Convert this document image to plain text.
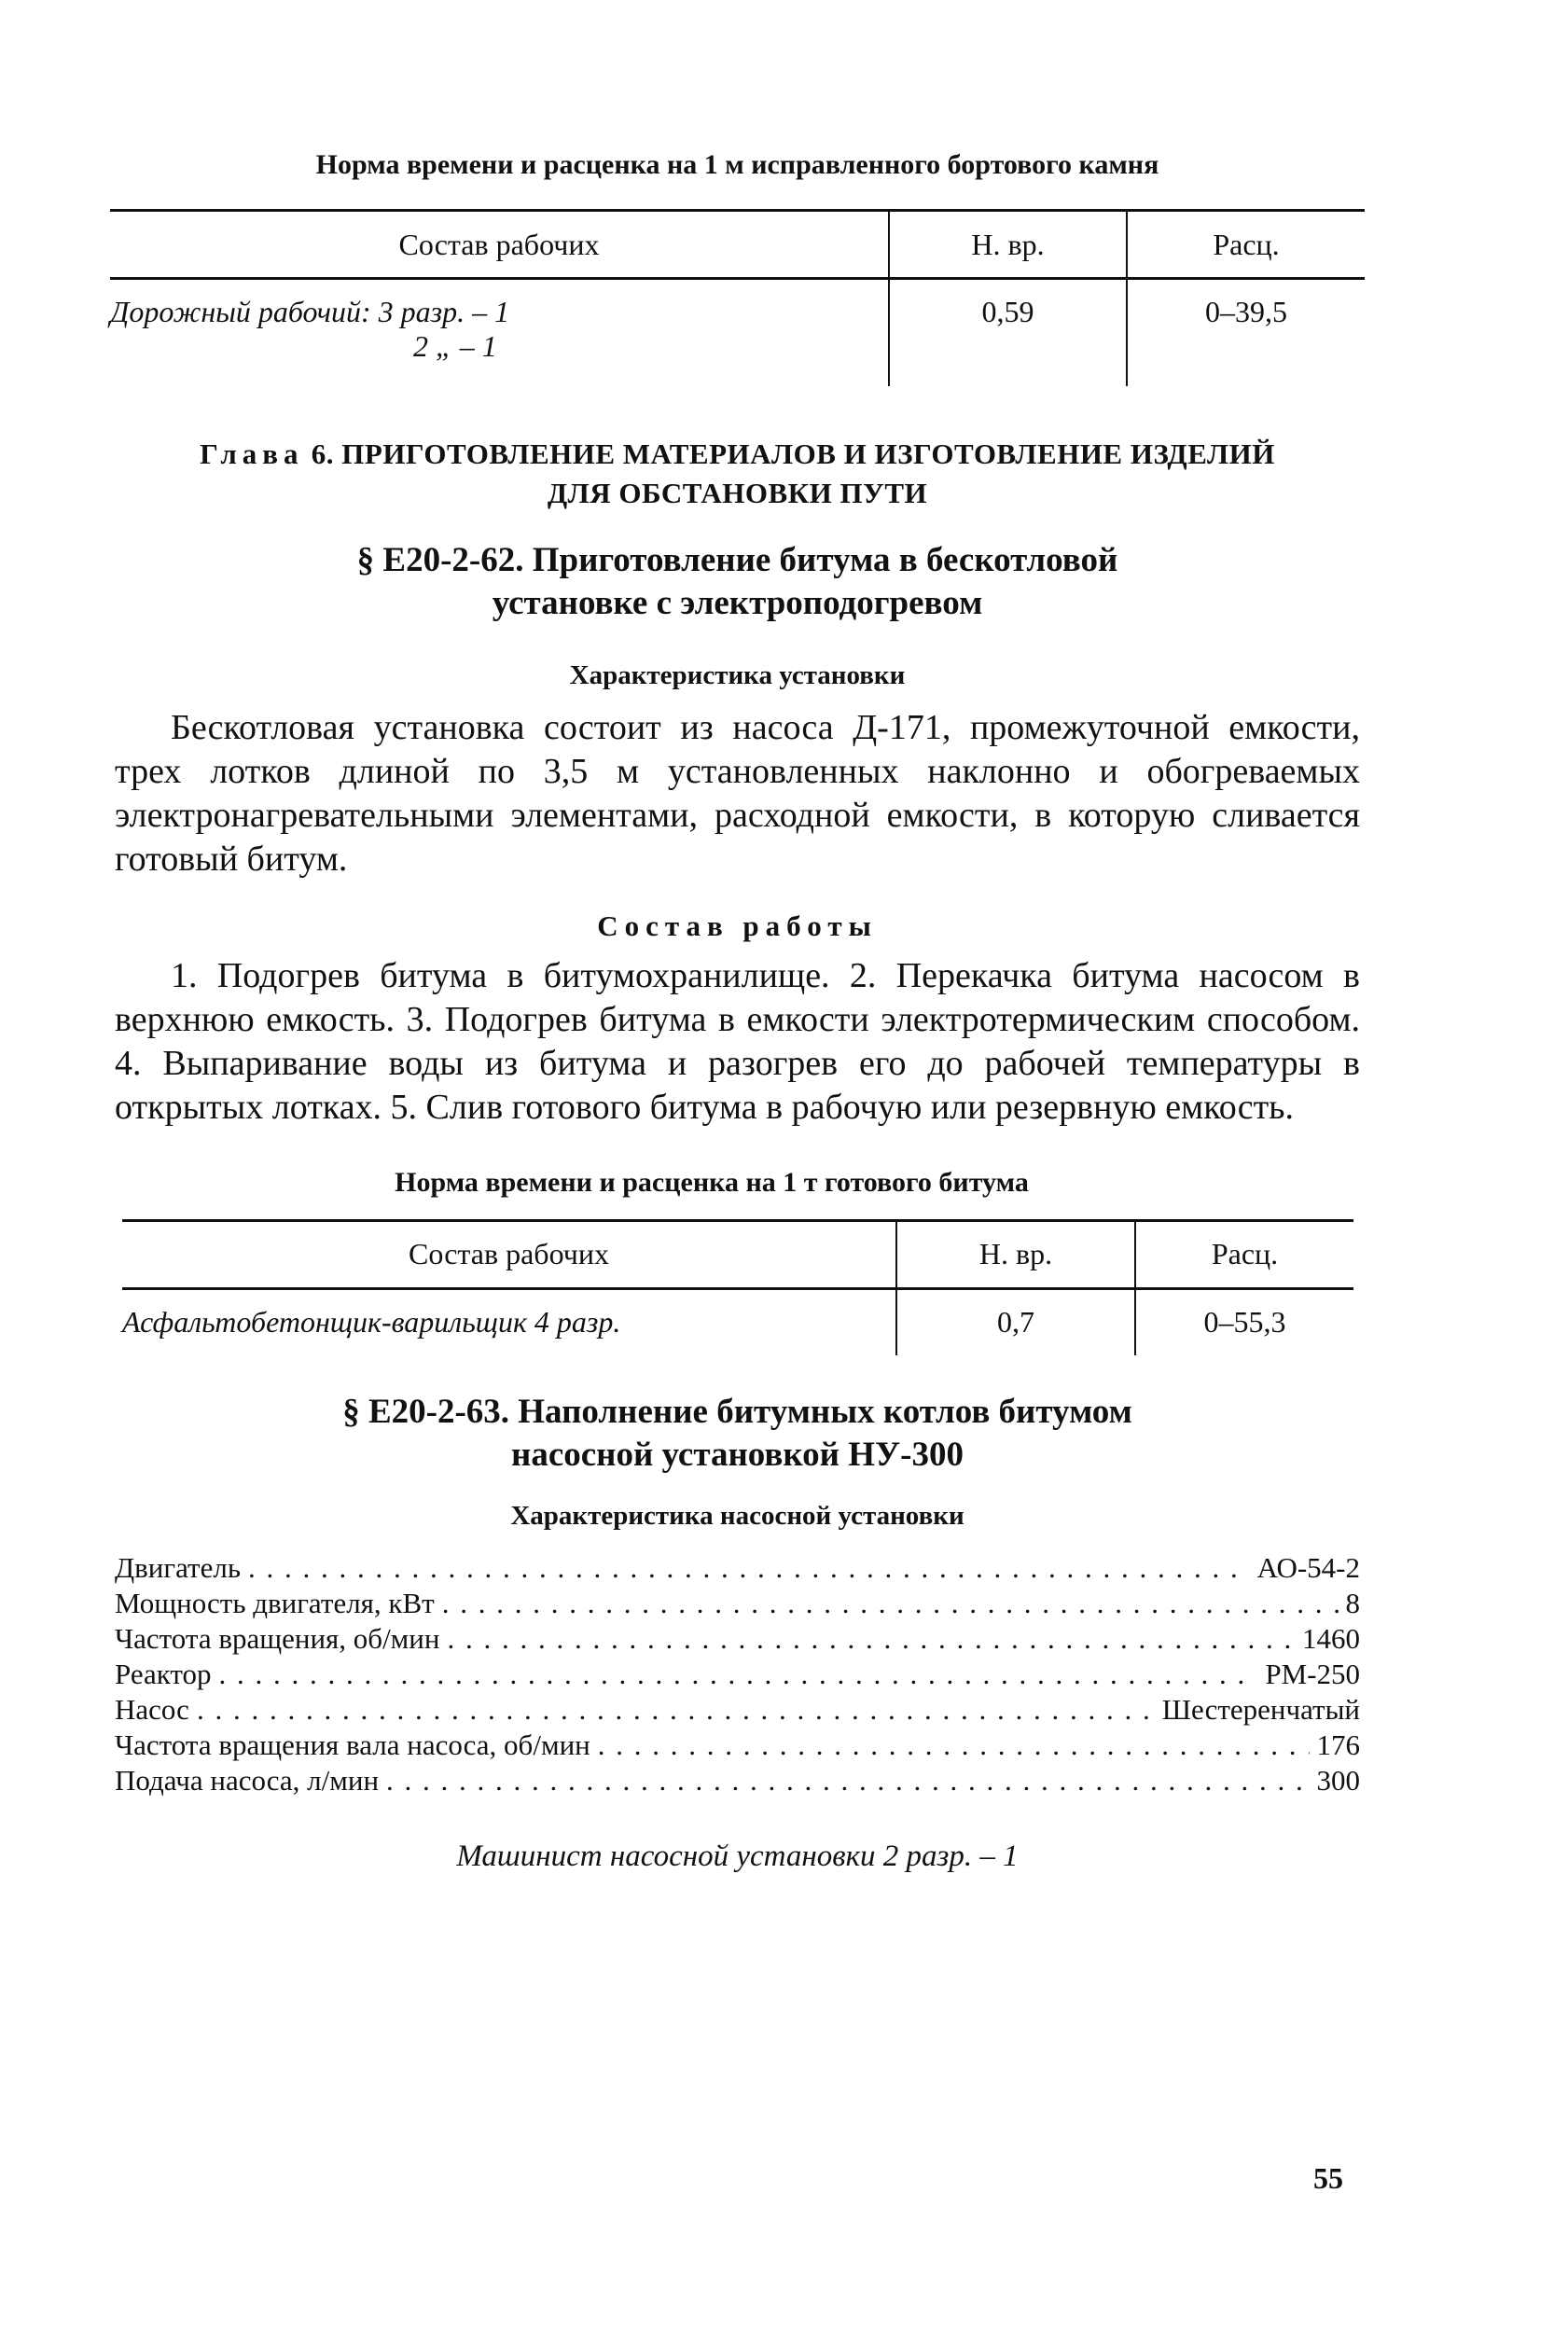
Норма времени и расценка на 1 м исправленного бортового камня

Состав рабочих	Н. вр.	Расц.
Дорожный рабочий: 3 разр. – 1
2 „ – 1	0,59	0–39,5

Глава 6. ПРИГОТОВЛЕНИЕ МАТЕРИАЛОВ И ИЗГОТОВЛЕНИЕ ИЗДЕЛИЙ

ДЛЯ ОБСТАНОВКИ ПУТИ

§ Е20-2-62. Приготовление битума в бескотловой

установке с электроподогревом

Характеристика установки

Бескотловая установка состоит из насоса Д-171, промежуточной емкости, трех лотков длиной по 3,5 м установленных наклонно и обогреваемых электронагревательными элементами, расходной емкости, в которую сливается готовый битум.

Состав работы

1. Подогрев битума в битумохранилище. 2. Перекачка битума насосом в верхнюю емкость. 3. Подогрев битума в емкости электротермическим способом. 4. Выпаривание воды из битума и разогрев его до рабочей температуры в открытых лотках. 5. Слив готового битума в рабочую или резервную емкость.

Норма времени и расценка на 1 т готового битума

Состав рабочих	Н. вр.	Расц.
Асфальтобетонщик-варильщик 4 разр.	0,7	0–55,3

§ Е20-2-63. Наполнение битумных котлов битумом

насосной установкой НУ-300

Характеристика насосной установки

Двигатель . . .	АО-54-2
Мощность двигателя, кВт . . .	8
Частота вращения, об/мин . . .	1460
Реактор . . .	РМ-250
Насос . . .	Шестеренчатый
Частота вращения вала насоса, об/мин . . .	176
Подача насоса, л/мин . . .	300

Машинист насосной установки 2 разр. – 1

55
